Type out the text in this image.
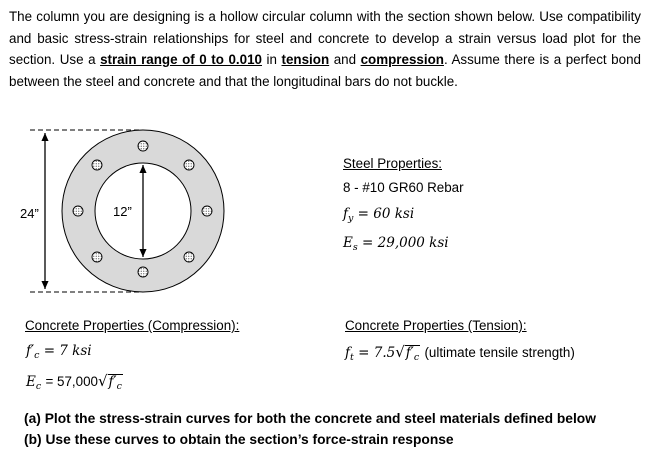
The column you are designing is a hollow circular column with the section shown below. Use compatibility and basic stress-strain relationships for steel and concrete to develop a strain versus load plot for the section. Use a strain range of 0 to 0.010 in tension and compression. Assume there is a perfect bond between the steel and concrete and that the longitudinal bars do not buckle.
24”	12”
Steel Properties:
8 - #10 GR60 Rebar
$f_y = 60$ ksi
$E_s = 29,000$ ksi
Concrete Properties (Compression):
$f'_c = 7$ ksi
$E_c = 57,000√f'_c$
Concrete Properties (Tension):
$f_t = 7.5√f'_c$ (ultimate tensile strength)
(a) Plot the stress-strain curves for both the concrete and steel materials defined below
(b) Use these curves to obtain the section’s force-strain response
